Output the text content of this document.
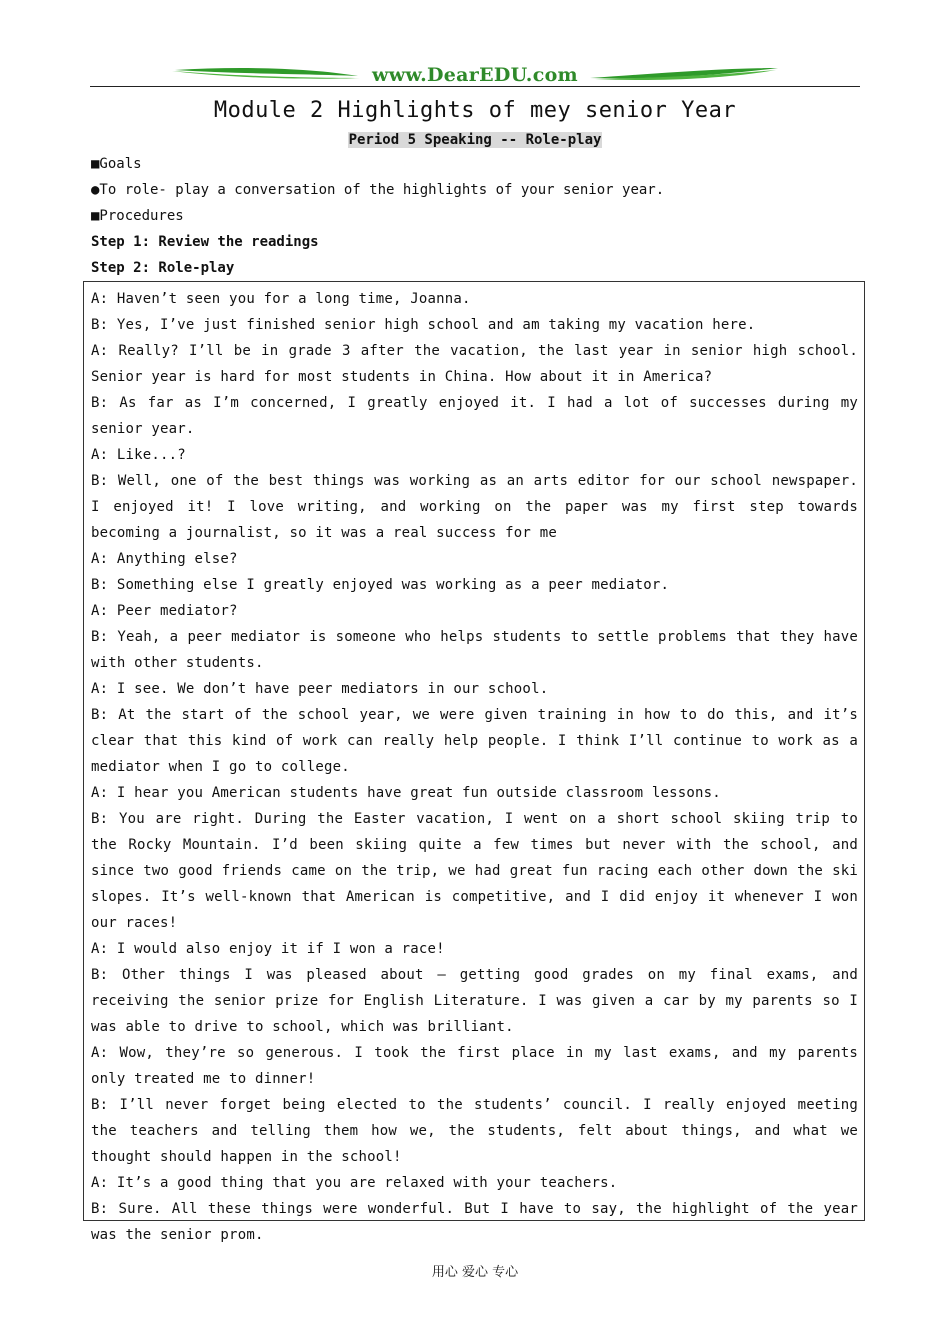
www.DearEDU.com
Module 2 Highlights of mey senior Year
Period 5 Speaking -- Role-play
■Goals
●To role- play a conversation of the highlights of your senior year.
■Procedures
Step 1: Review the readings
Step 2: Role-play
A: Haven’t seen you for a long time, Joanna.
B: Yes, I’ve just finished senior high school and am taking my vacation here.
A: Really? I’ll be in grade 3 after the vacation, the last year in senior high school. Senior year is hard for most students in China. How about it in America?
B: As far as I’m concerned, I greatly enjoyed it. I had a lot of successes during my senior year.
A: Like...?
B: Well, one of the best things was working as an arts editor for our school newspaper. I enjoyed it! I love writing, and working on the paper was my first step towards becoming a journalist, so it was a real success for me
A: Anything else?
B: Something else I greatly enjoyed was working as a peer mediator.
A: Peer mediator?
B: Yeah, a peer mediator is someone who helps students to settle problems that they have with other students.
A: I see. We don’t have peer mediators in our school.
B: At the start of the school year, we were given training in how to do this, and it’s clear that this kind of work can really help people. I think I’ll continue to work as a mediator when I go to college.
A: I hear you American students have great fun outside classroom lessons.
B: You are right. During the Easter vacation, I went on a short school skiing trip to the Rocky Mountain. I’d been skiing quite a few times but never with the school, and since two good friends came on the trip, we had great fun racing each other down the ski slopes. It’s well-known that American is competitive, and I did enjoy it whenever I won our races!
A: I would also enjoy it if I won a race!
B: Other things I was pleased about – getting good grades on my final exams, and receiving the senior prize for English Literature. I was given a car by my parents so I was able to drive to school, which was brilliant.
A: Wow, they’re so generous. I took the first place in my last exams, and my parents only treated me to dinner!
B: I’ll never forget being elected to the students’ council. I really enjoyed meeting the teachers and telling them how we, the students, felt about things, and what we thought should happen in the school!
A: It’s a good thing that you are relaxed with your teachers.
B: Sure. All these things were wonderful. But I have to say, the highlight of the year was the senior prom.
用心 爱心 专心
